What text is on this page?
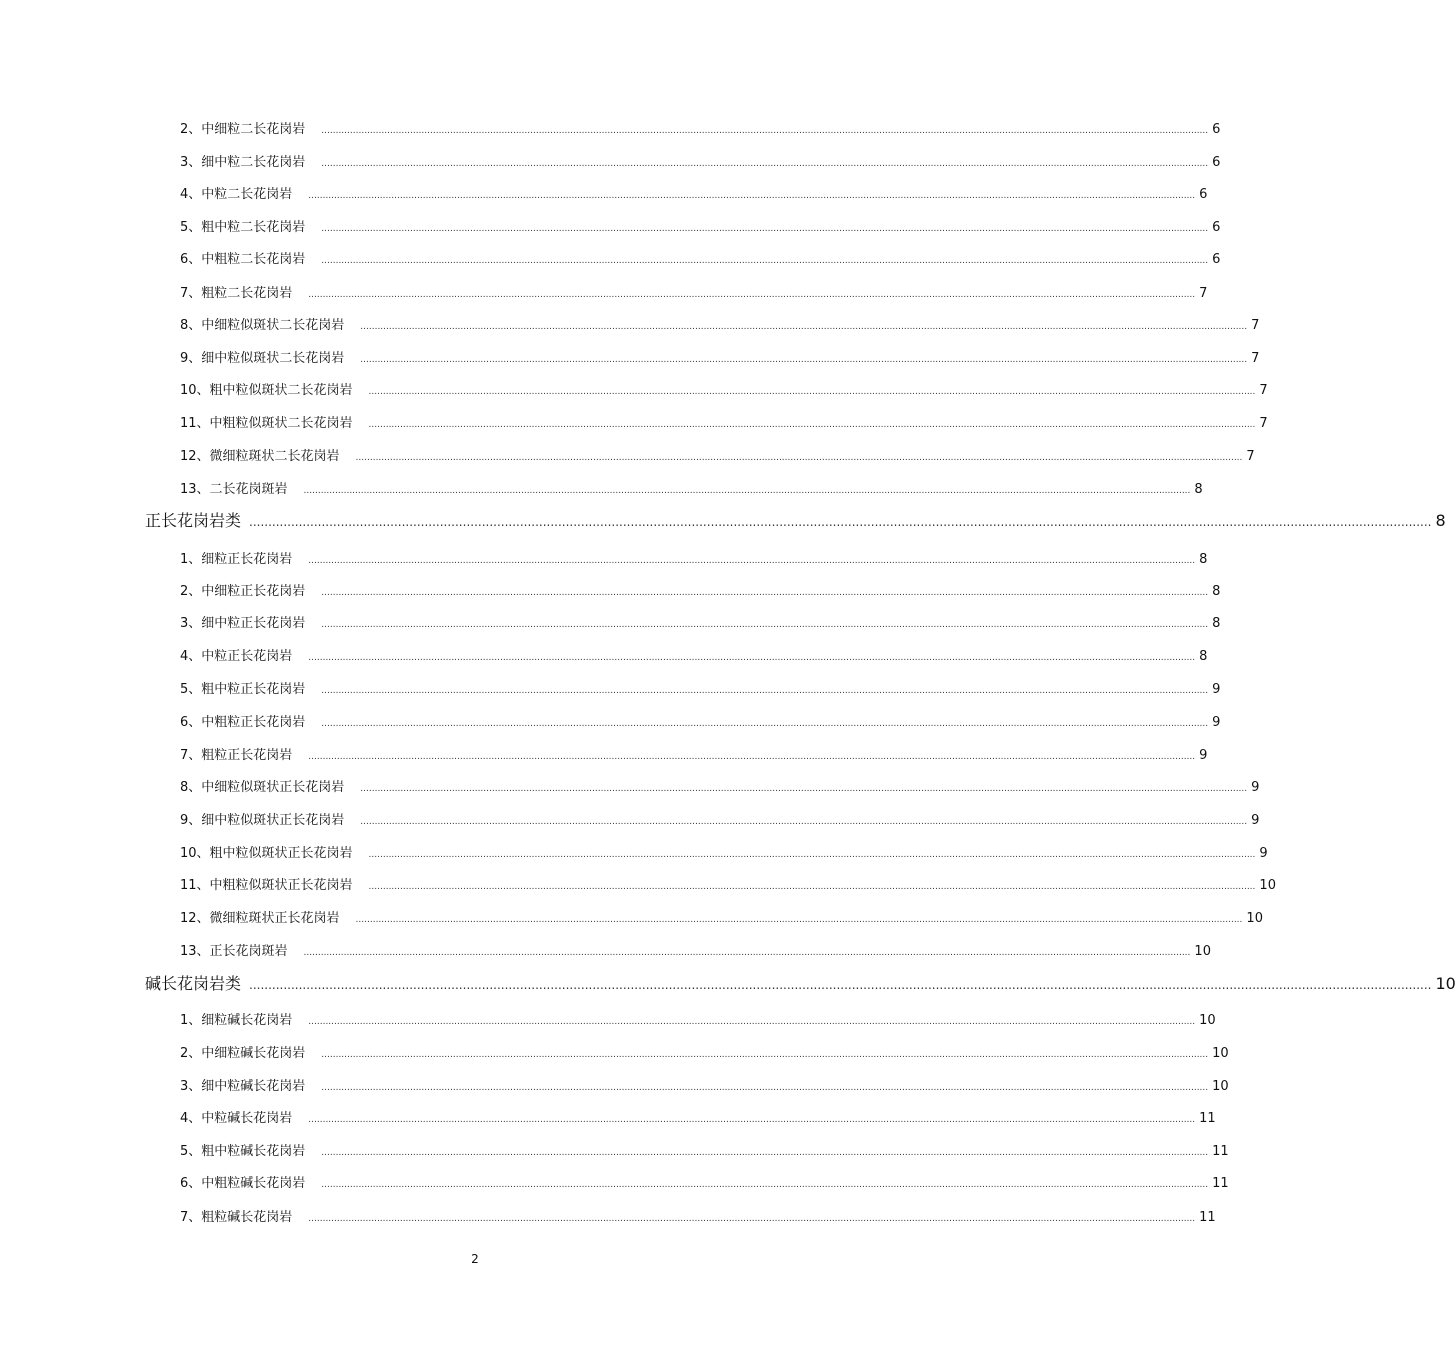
2、中细粒二长花岗岩 ...................................................................................................................................................................................................................................................................................................................... 6
3、细中粒二长花岗岩 ...................................................................................................................................................................................................................................................................................................................... 6
4、中粒二长花岗岩 ...................................................................................................................................................................................................................................................................................................................... 6
5、粗中粒二长花岗岩 ...................................................................................................................................................................................................................................................................................................................... 6
6、中粗粒二长花岗岩 ...................................................................................................................................................................................................................................................................................................................... 6
7、粗粒二长花岗岩 ...................................................................................................................................................................................................................................................................................................................... 7
8、中细粒似斑状二长花岗岩 ...................................................................................................................................................................................................................................................................................................................... 7
9、细中粒似斑状二长花岗岩 ...................................................................................................................................................................................................................................................................................................................... 7
10、粗中粒似斑状二长花岗岩 ...................................................................................................................................................................................................................................................................................................................... 7
11、中粗粒似斑状二长花岗岩 ...................................................................................................................................................................................................................................................................................................................... 7
12、微细粒斑状二长花岗岩 ...................................................................................................................................................................................................................................................................................................................... 7
13、二长花岗斑岩 ...................................................................................................................................................................................................................................................................................................................... 8
正长花岗岩类 ...................................................................................................................................................................................................................................................................................................................... 8
1、细粒正长花岗岩 ...................................................................................................................................................................................................................................................................................................................... 8
2、中细粒正长花岗岩 ...................................................................................................................................................................................................................................................................................................................... 8
3、细中粒正长花岗岩 ...................................................................................................................................................................................................................................................................................................................... 8
4、中粒正长花岗岩 ...................................................................................................................................................................................................................................................................................................................... 8
5、粗中粒正长花岗岩 ...................................................................................................................................................................................................................................................................................................................... 9
6、中粗粒正长花岗岩 ...................................................................................................................................................................................................................................................................................................................... 9
7、粗粒正长花岗岩 ...................................................................................................................................................................................................................................................................................................................... 9
8、中细粒似斑状正长花岗岩 ...................................................................................................................................................................................................................................................................................................................... 9
9、细中粒似斑状正长花岗岩 ...................................................................................................................................................................................................................................................................................................................... 9
10、粗中粒似斑状正长花岗岩 ...................................................................................................................................................................................................................................................................................................................... 9
11、中粗粒似斑状正长花岗岩 ...................................................................................................................................................................................................................................................................................................................... 10
12、微细粒斑状正长花岗岩 ...................................................................................................................................................................................................................................................................................................................... 10
13、正长花岗斑岩 ...................................................................................................................................................................................................................................................................................................................... 10
碱长花岗岩类 ...................................................................................................................................................................................................................................................................................................................... 10
1、细粒碱长花岗岩 ...................................................................................................................................................................................................................................................................................................................... 10
2、中细粒碱长花岗岩 ...................................................................................................................................................................................................................................................................................................................... 10
3、细中粒碱长花岗岩 ...................................................................................................................................................................................................................................................................................................................... 10
4、中粒碱长花岗岩 ...................................................................................................................................................................................................................................................................................................................... 11
5、粗中粒碱长花岗岩 ...................................................................................................................................................................................................................................................................................................................... 11
6、中粗粒碱长花岗岩 ...................................................................................................................................................................................................................................................................................................................... 11
7、粗粒碱长花岗岩 ...................................................................................................................................................................................................................................................................................................................... 11
2
